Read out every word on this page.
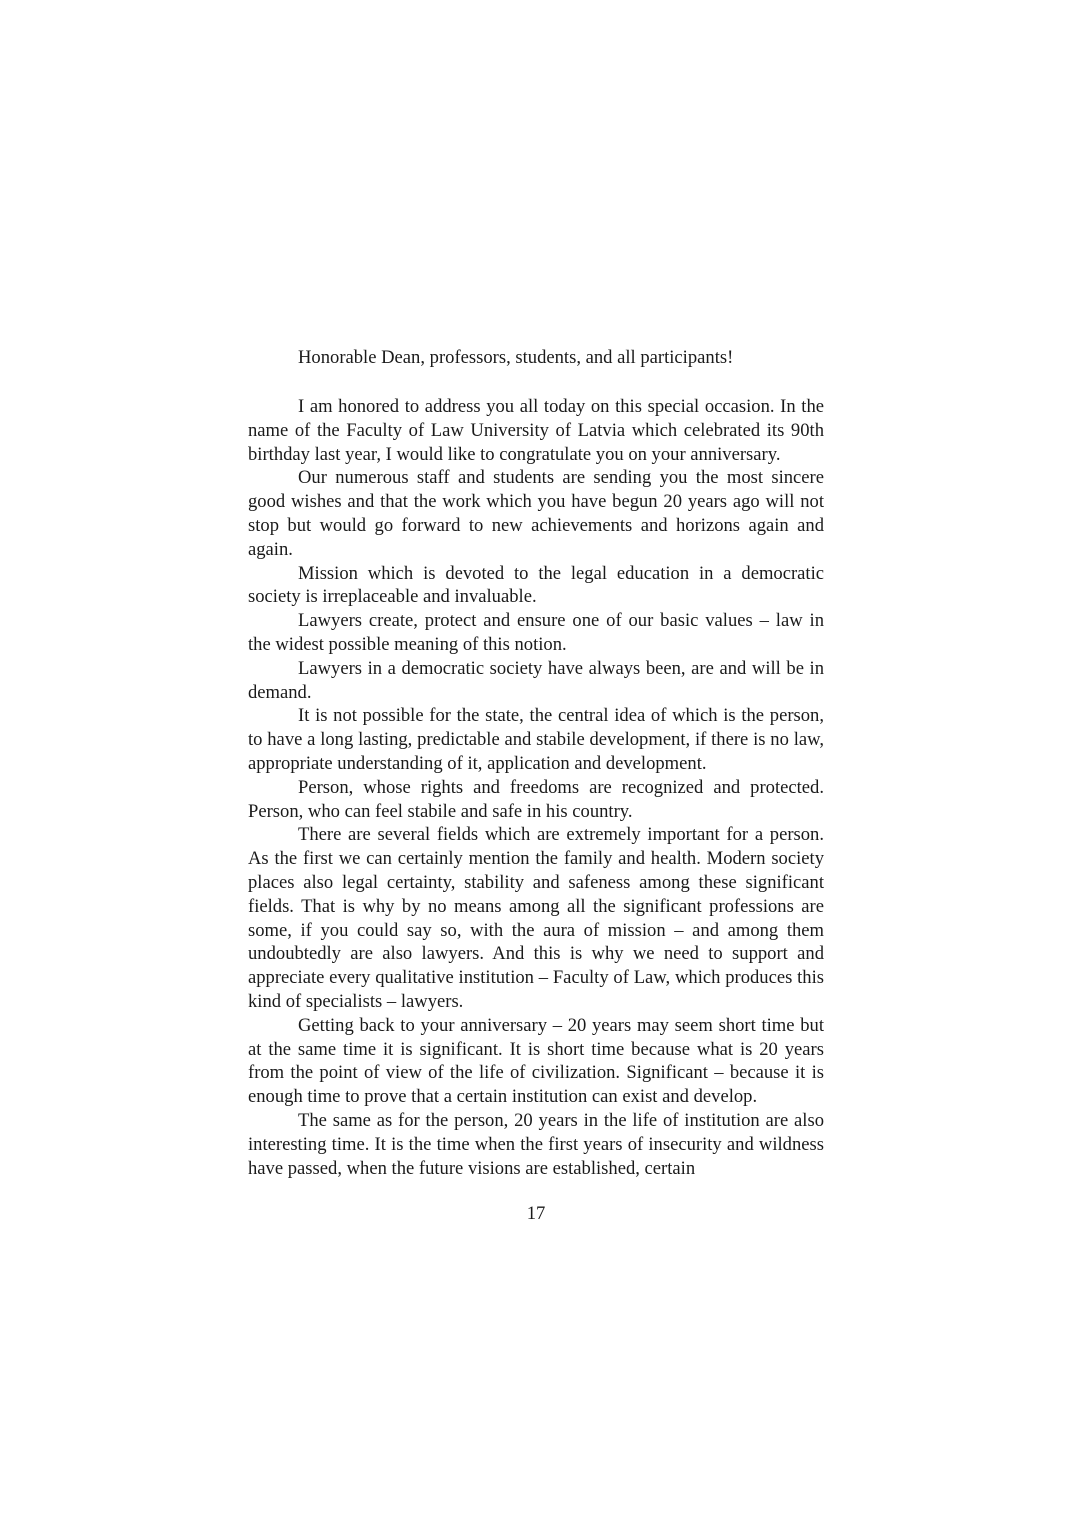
Honorable Dean, professors, students, and all participants!

I am honored to address you all today on this special occasion. In the name of the Faculty of Law University of Latvia which celebrated its 90th birthday last year, I would like to congratulate you on your anniversary.

Our numerous staff and students are sending you the most sincere good wishes and that the work which you have begun 20 years ago will not stop but would go forward to new achievements and horizons again and again.

Mission which is devoted to the legal education in a democratic society is irreplaceable and invaluable.

Lawyers create, protect and ensure one of our basic values – law in the widest possible meaning of this notion.

Lawyers in a democratic society have always been, are and will be in demand.

It is not possible for the state, the central idea of which is the person, to have a long lasting, predictable and stabile development, if there is no law, appropriate understanding of it, application and development.

Person, whose rights and freedoms are recognized and protected. Person, who can feel stabile and safe in his country.

There are several fields which are extremely important for a person. As the first we can certainly mention the family and health. Modern society places also legal certainty, stability and safeness among these significant fields. That is why by no means among all the significant professions are some, if you could say so, with the aura of mission – and among them undoubtedly are also lawyers. And this is why we need to support and appreciate every qualitative institution – Faculty of Law, which produces this kind of specialists – lawyers.

Getting back to your anniversary – 20 years may seem short time but at the same time it is significant. It is short time because what is 20 years from the point of view of the life of civilization. Significant – because it is enough time to prove that a certain institution can exist and develop.

The same as for the person, 20 years in the life of institution are also interesting time. It is the time when the first years of insecurity and wildness have passed, when the future visions are established, certain

17
